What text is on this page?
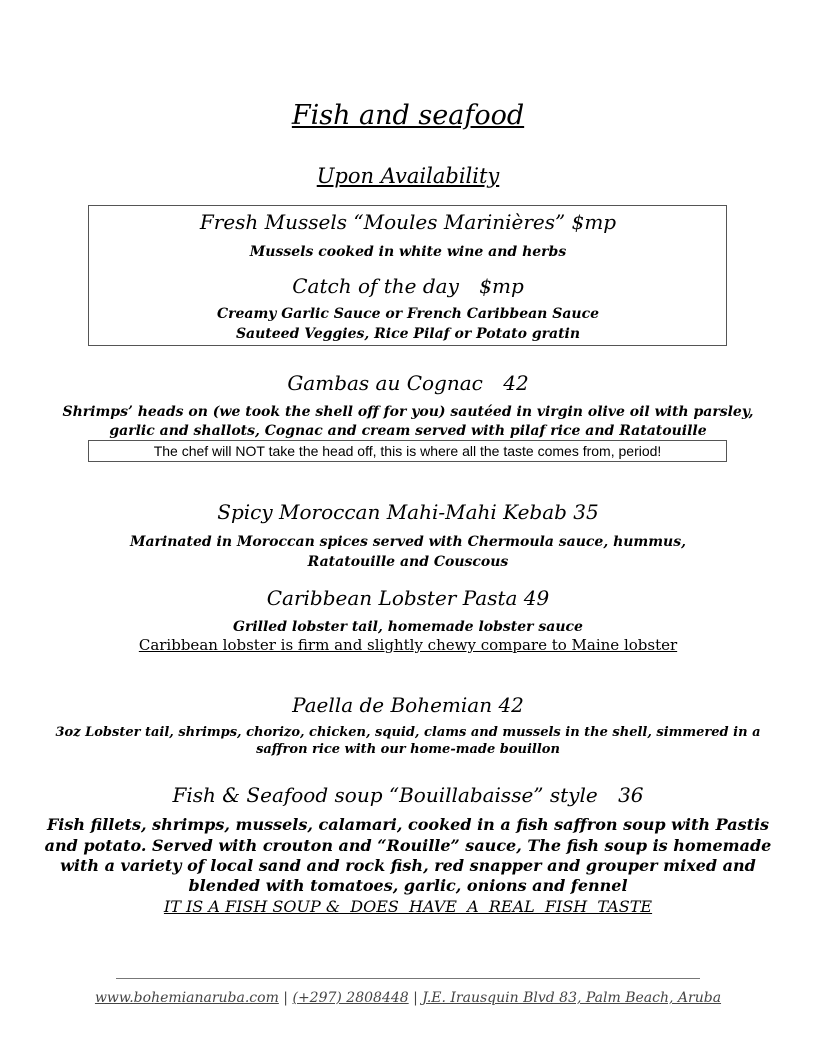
Fish and seafood
Upon Availability
Fresh Mussels “Moules Marinières” $mp
Mussels cooked in white wine and herbs
Catch of the day $mp
Creamy Garlic Sauce or French Caribbean Sauce
Sauteed Veggies, Rice Pilaf or Potato gratin
Gambas au Cognac 42
Shrimps’ heads on (we took the shell off for you) sautéed in virgin olive oil with parsley,
garlic and shallots, Cognac and cream served with pilaf rice and Ratatouille
The chef will NOT take the head off, this is where all the taste comes from, period!
Spicy Moroccan Mahi-Mahi Kebab 35
Marinated in Moroccan spices served with Chermoula sauce, hummus,
Ratatouille and Couscous
Caribbean Lobster Pasta 49
Grilled lobster tail, homemade lobster sauce
Caribbean lobster is firm and slightly chewy compare to Maine lobster
Paella de Bohemian 42
3oz Lobster tail, shrimps, chorizo, chicken, squid, clams and mussels in the shell, simmered in a
saffron rice with our home-made bouillon
Fish & Seafood soup “Bouillabaisse” style 36
Fish fillets, shrimps, mussels, calamari, cooked in a fish saffron soup with Pastis
and potato. Served with crouton and “Rouille” sauce, The fish soup is homemade
with a variety of local sand and rock fish, red snapper and grouper mixed and
blended with tomatoes, garlic, onions and fennel
IT IS A FISH SOUP &  DOES  HAVE  A  REAL  FISH  TASTE
www.bohemianaruba.com | (+297) 2808448 | J.E. Irausquin Blvd 83, Palm Beach, Aruba
